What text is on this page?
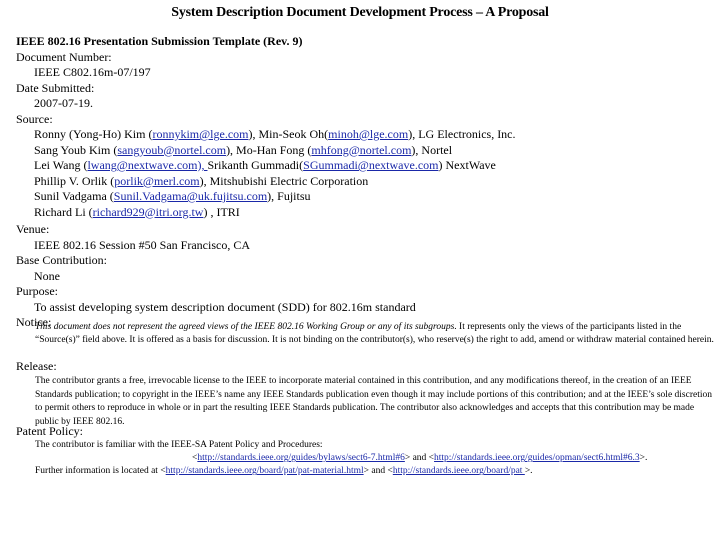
System Description Document Development Process – A Proposal
IEEE 802.16 Presentation Submission Template (Rev. 9)
Document Number:
IEEE C802.16m-07/197
Date Submitted:
2007-07-19.
Source:
Ronny (Yong-Ho) Kim (ronnykim@lge.com), Min-Seok Oh(minoh@lge.com), LG Electronics, Inc.
Sang Youb Kim (sangyoub@nortel.com), Mo-Han Fong (mhfong@nortel.com), Nortel
Lei Wang (lwang@nextwave.com), Srikanth Gummadi(SGummadi@nextwave.com) NextWave
Phillip V. Orlik (porlik@merl.com), Mitshubishi Electric Corporation
Sunil Vadgama (Sunil.Vadgama@uk.fujitsu.com), Fujitsu
Richard Li (richard929@itri.org.tw) , ITRI
Venue:
IEEE 802.16 Session #50 San Francisco, CA
Base Contribution:
None
Purpose:
To assist developing system description document (SDD) for 802.16m standard
Notice:
This document does not represent the agreed views of the IEEE 802.16 Working Group or any of its subgroups. It represents only the views of the participants listed in the “Source(s)” field above. It is offered as a basis for discussion. It is not binding on the contributor(s), who reserve(s) the right to add, amend or withdraw material contained herein.
Release:
The contributor grants a free, irrevocable license to the IEEE to incorporate material contained in this contribution, and any modifications thereof, in the creation of an IEEE Standards publication; to copyright in the IEEE’s name any IEEE Standards publication even though it may include portions of this contribution; and at the IEEE’s sole discretion to permit others to reproduce in whole or in part the resulting IEEE Standards publication. The contributor also acknowledges and accepts that this contribution may be made public by IEEE 802.16.
Patent Policy:
The contributor is familiar with the IEEE-SA Patent Policy and Procedures:
<http://standards.ieee.org/guides/bylaws/sect6-7.html#6> and <http://standards.ieee.org/guides/opman/sect6.html#6.3>.
Further information is located at <http://standards.ieee.org/board/pat/pat-material.html> and <http://standards.ieee.org/board/pat >.
